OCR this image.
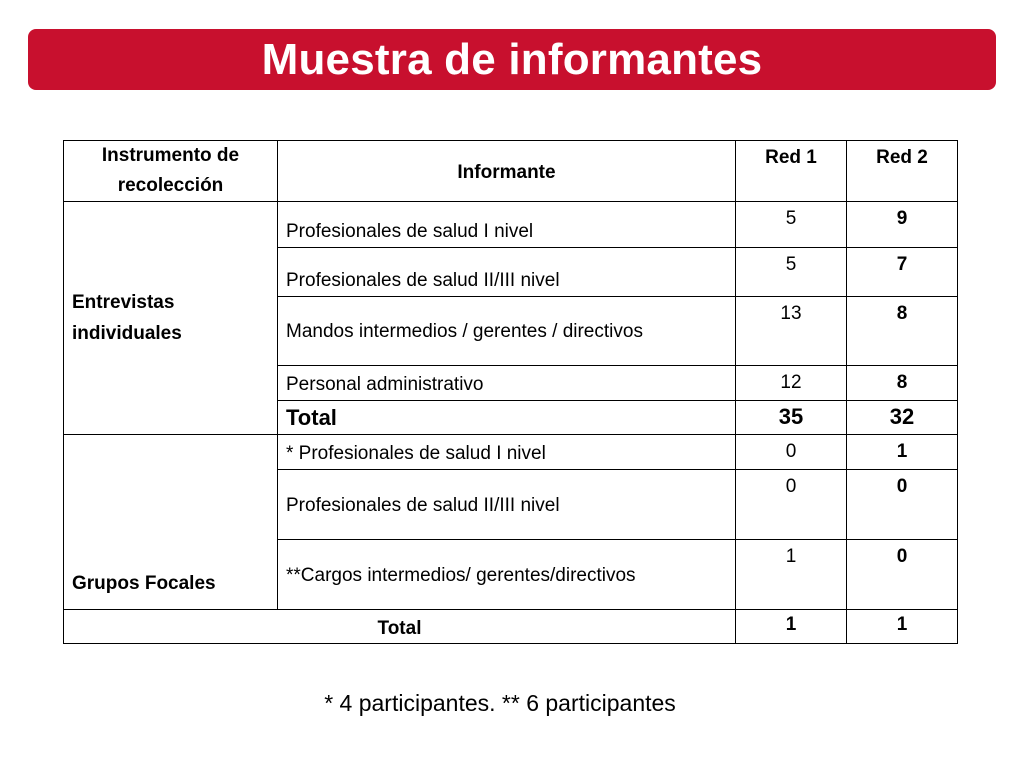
Muestra de informantes
Instrumento de recolección	Informante	Red 1	Red 2
Entrevistas individuales	Profesionales de salud I nivel	5	9
	Profesionales de salud II/III nivel	5	7
	Mandos intermedios / gerentes / directivos	13	8
	Personal administrativo	12	8
	Total	35	32
Grupos Focales	* Profesionales de salud I nivel	0	1
	Profesionales de salud II/III nivel	0	0
	**Cargos intermedios/ gerentes/directivos	1	0
Total		1	1
* 4 participantes. ** 6 participantes
